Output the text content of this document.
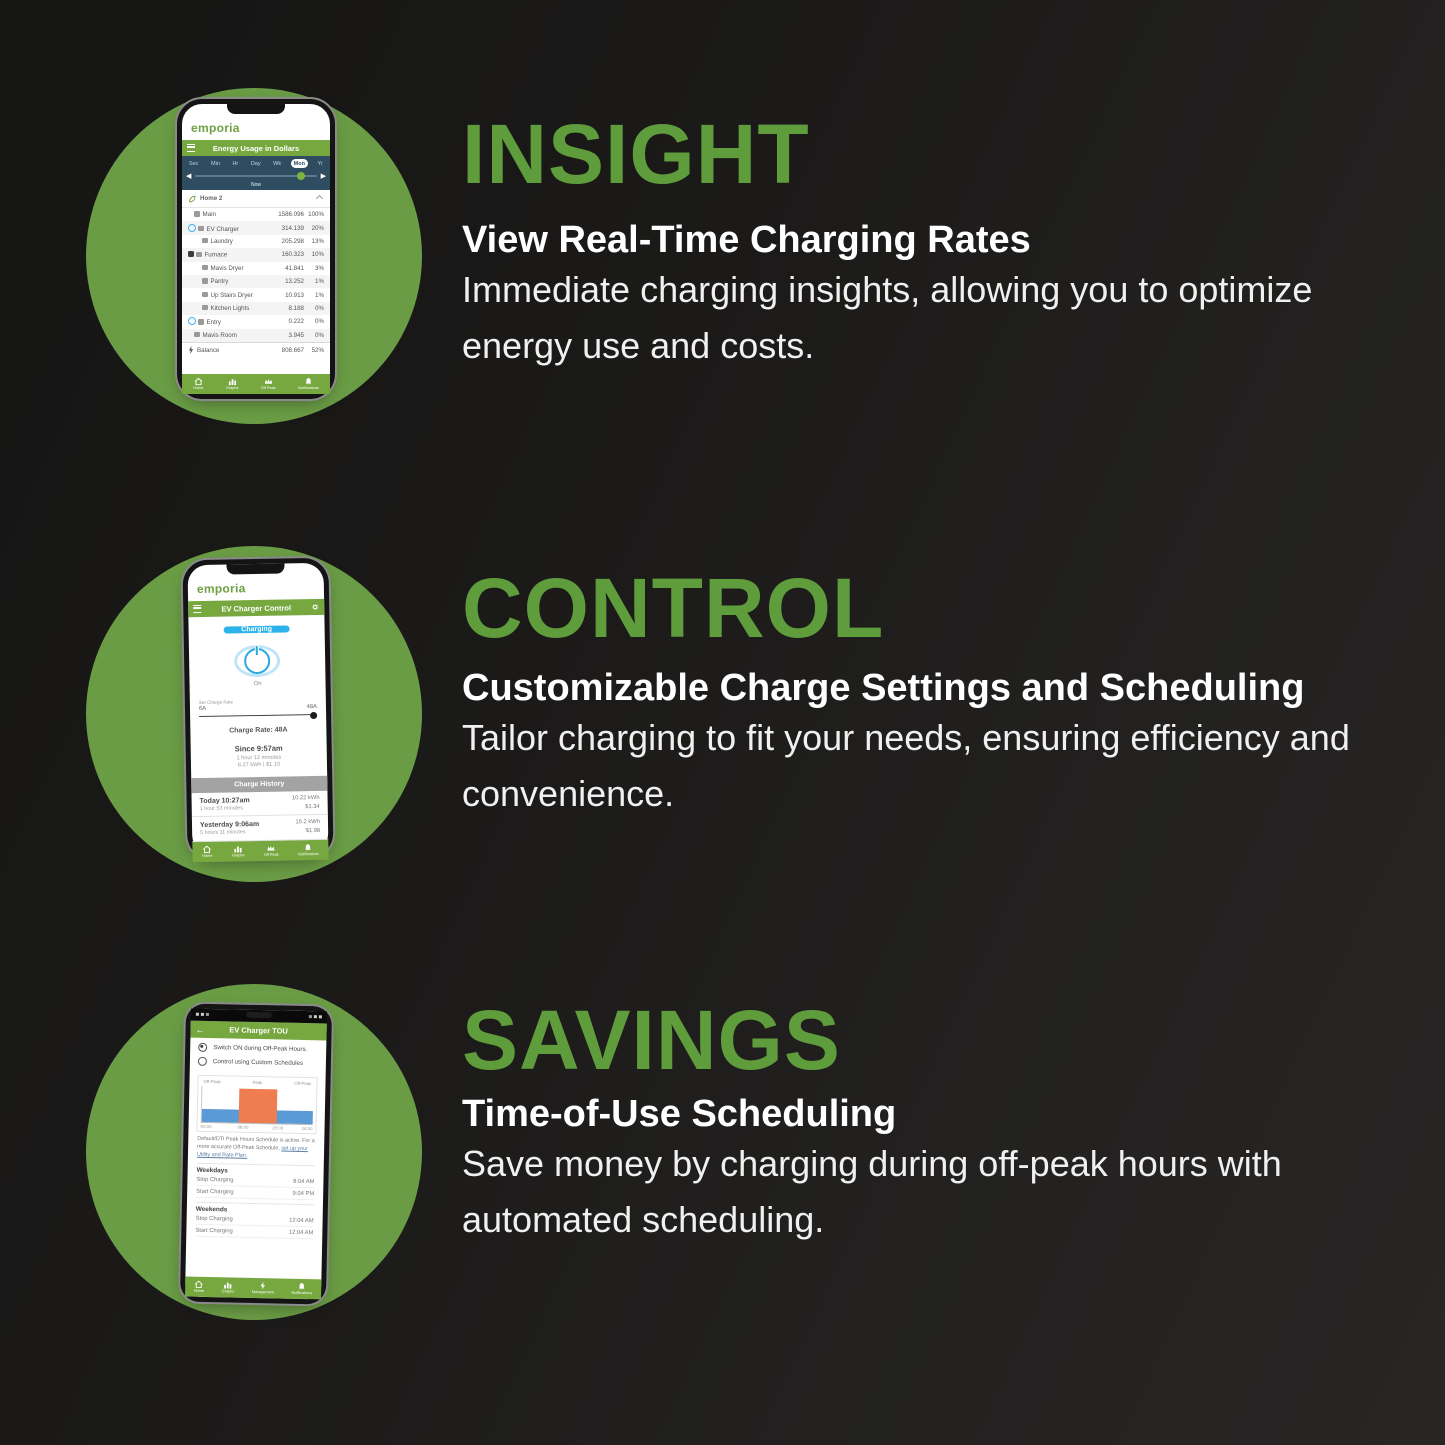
emporia
Energy Usage in Dollars
Sec	Min	Hr	Day	Wk	Mon	Yr
◀	▶
Now
Home 2
Main	1586.096 100%
EV Charger	314.139	20%
Laundry	205.298	13%
Furnace	160.323	10%
Mavis Dryer	41.841	3%
Pantry	13.252	1%
Up Stairs Dryer	10.913	1%
Kitchen Lights	8.188	0%
Entry	0.222	0%
Mavis Room	3.945	0%
Balance	808.667	52%
Home	Graphs	Off Peak	Notifications
INSIGHT
View Real-Time Charging Rates
Immediate charging insights, allowing you to optimize energy use and costs.
emporia
EV Charger Control
Charging
On
Set Charge Rate
6A	48A
Charge Rate: 48A
Since 9:57am
1 hour 12 minutes
8.27 kWh | $1.10
Charge History
Today 10:27am
1 hour 53 minutes
10.22 kWh
$1.34
Yesterday 9:06am
5 hours 11 minutes
15.2 kWh
$1.98
Home	Graphs	Off Peak	Notifications
CONTROL
Customizable Charge Settings and Scheduling
Tailor charging to fit your needs, ensuring efficiency and convenience.
←	EV Charger TOU
Switch ON during Off-Peak Hours.
Control using Custom Schedules
Off-Peak	Peak	Off-Peak
00:00	08:00	20:00	24:00
Default/DTI Peak Hours Schedule is active. For a more accurate Off-Peak Schedule, set up your Utility and Rate Plan.
Weekdays
Stop Charging	8:04 AM
Start Charging	9:04 PM
Weekends
Stop Charging	12:04 AM
Start Charging	12:04 AM
Home	Graphs	Management	Notifications
SAVINGS
Time-of-Use Scheduling
Save money by charging during off-peak hours with automated scheduling.
